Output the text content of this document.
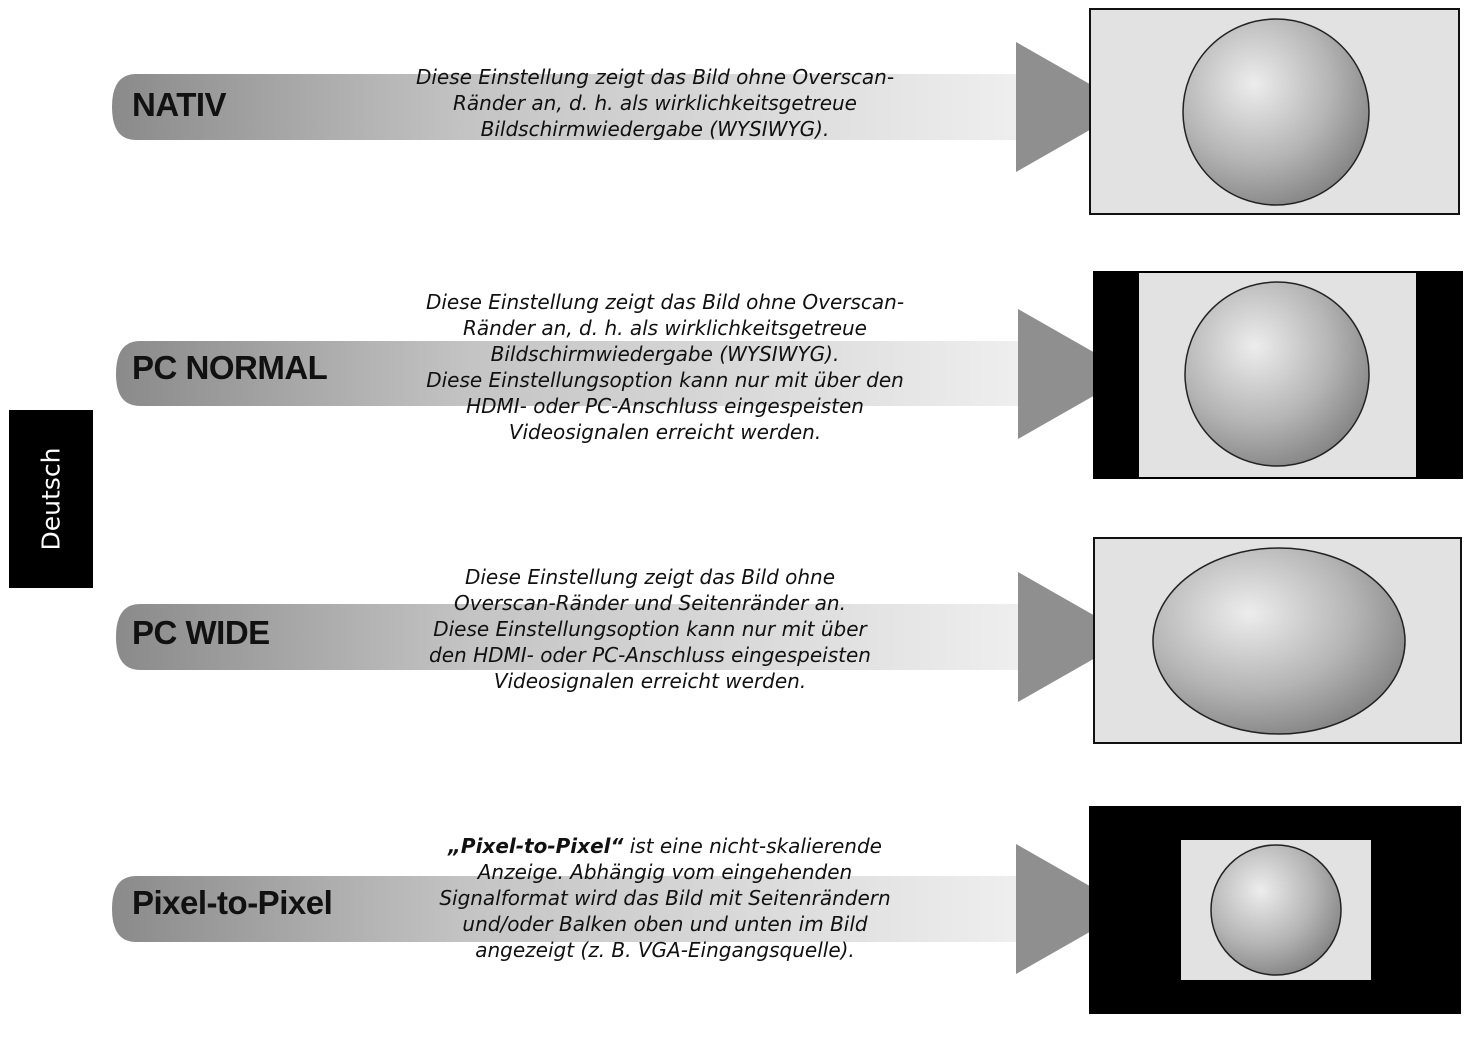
Deutsch
NATIV
Diese Einstellung zeigt das Bild ohne Overscan-
Ränder an, d. h. als wirklichkeitsgetreue
Bildschirmwiedergabe (WYSIWYG).
PC NORMAL
Diese Einstellung zeigt das Bild ohne Overscan-
Ränder an, d. h. als wirklichkeitsgetreue
Bildschirmwiedergabe (WYSIWYG).
Diese Einstellungsoption kann nur mit über den
HDMI- oder PC-Anschluss eingespeisten
Videosignalen erreicht werden.
PC WIDE
Diese Einstellung zeigt das Bild ohne
Overscan-Ränder und Seitenränder an.
Diese Einstellungsoption kann nur mit über
den HDMI- oder PC-Anschluss eingespeisten
Videosignalen erreicht werden.
Pixel-to-Pixel
„Pixel-to-Pixel“ ist eine nicht-skalierende
Anzeige. Abhängig vom eingehenden
Signalformat wird das Bild mit Seitenrändern
und/oder Balken oben und unten im Bild
angezeigt (z. B. VGA-Eingangsquelle).
